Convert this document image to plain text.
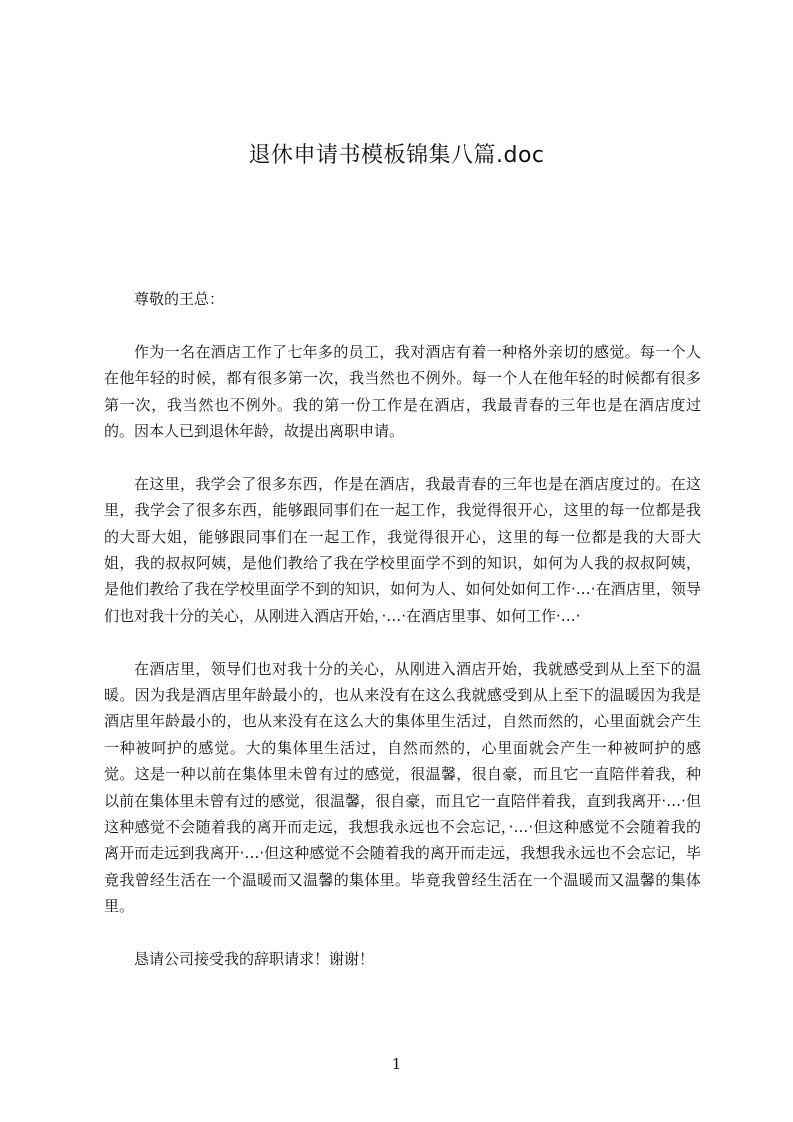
退休申请书模板锦集八篇.doc

尊敬的王总：

作为一名在酒店工作了七年多的员工，我对酒店有着一种格外亲切的感觉。每一个人在他年轻的时候，都有很多第一次，我当然也不例外。每一个人在他年轻的时候都有很多第一次，我当然也不例外。我的第一份工作是在酒店，我最青春的三年也是在酒店度过的。因本人已到退休年龄，故提出离职申请。

在这里，我学会了很多东西，作是在酒店，我最青春的三年也是在酒店度过的。在这里，我学会了很多东西，能够跟同事们在一起工作，我觉得很开心，这里的每一位都是我的大哥大姐，能够跟同事们在一起工作，我觉得很开心，这里的每一位都是我的大哥大姐，我的叔叔阿姨，是他们教给了我在学校里面学不到的知识，如何为人我的叔叔阿姨，是他们教给了我在学校里面学不到的知识，如何为人、如何处如何工作·…·在酒店里，领导们也对我十分的关心，从刚进入酒店开始，·…·在酒店里事、如何工作·…·

在酒店里，领导们也对我十分的关心，从刚进入酒店开始，我就感受到从上至下的温暖。因为我是酒店里年龄最小的，也从来没有在这么我就感受到从上至下的温暖因为我是酒店里年龄最小的，也从来没有在这么大的集体里生活过，自然而然的，心里面就会产生一种被呵护的感觉。大的集体里生活过，自然而然的，心里面就会产生一种被呵护的感觉。这是一种以前在集体里未曾有过的感觉，很温馨，很自豪，而且它一直陪伴着我，种以前在集体里未曾有过的感觉，很温馨，很自豪，而且它一直陪伴着我，直到我离开·…·但这种感觉不会随着我的离开而走远，我想我永远也不会忘记，·…·但这种感觉不会随着我的离开而走远到我离开·…·但这种感觉不会随着我的离开而走远，我想我永远也不会忘记，毕竟我曾经生活在一个温暖而又温馨的集体里。毕竟我曾经生活在一个温暖而又温馨的集体里。

恳请公司接受我的辞职请求！谢谢！

1
